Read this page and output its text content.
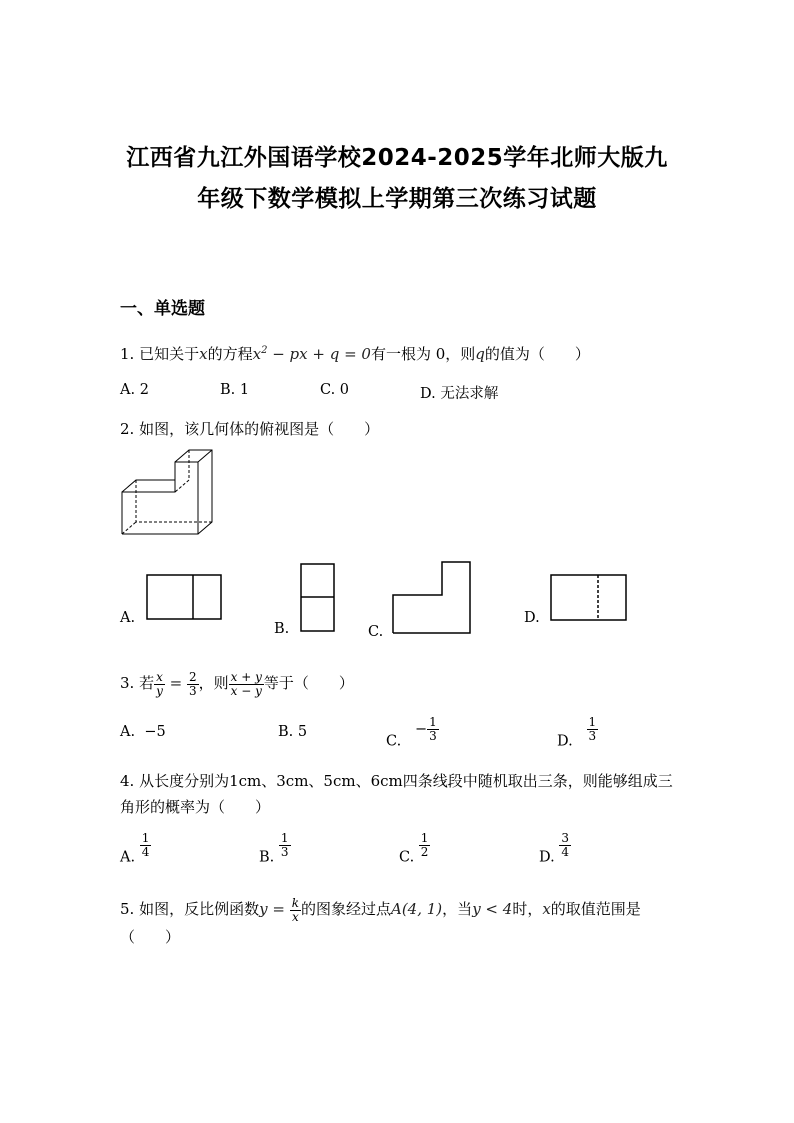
江西省九江外国语学校2024-2025学年北师大版九
年级下数学模拟上学期第三次练习试题
一、单选题
1. 已知关于x的方程$x^2$ − px + q = 0有一根为 0，则q的值为（　　）
A. 2	B. 1	C. 0	D. 无法求解
2. 如图，该几何体的俯视图是（　　）
A.
B.	C.
D.
3. 若 $\frac{x}{y} = \frac{2}{3}$ ，则 $\frac{x + y}{x - y}$ 等于（　　）
A. −5	B. 5
C.   − $\frac{1}{3}$	D. $\frac{1}{3}$
4. 从长度分别为1cm、3cm、5cm、6cm四条线段中随机取出三条，则能够组成三角形的概率为（　　）
A. $\frac{1}{4}$	B. $\frac{1}{3}$	C. $\frac{1}{2}$	D. $\frac{3}{4}$
5. 如图，反比例函数$y = \frac{k}{x}$ 的图象经过点A(4, 1)，当y < 4时，x的取值范围是（　　）
